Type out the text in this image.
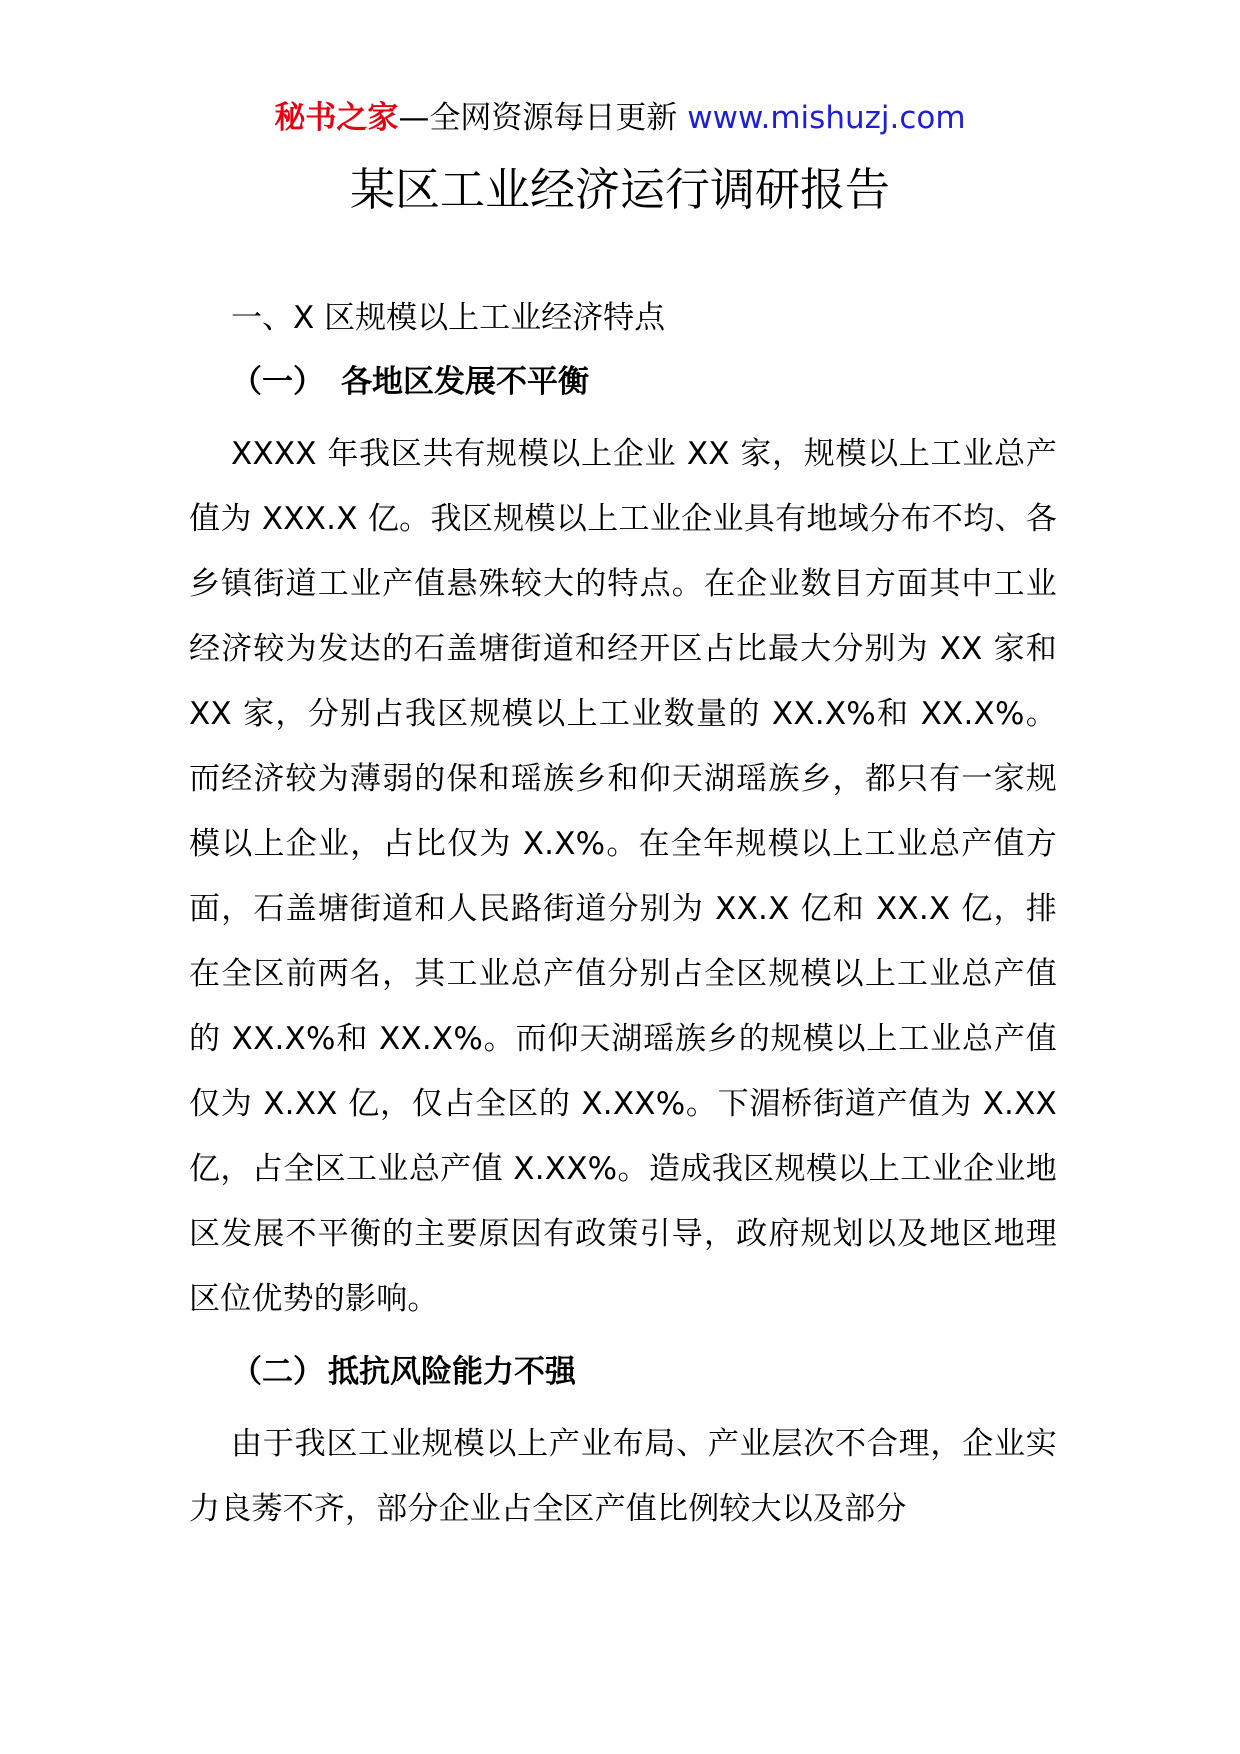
秘书之家—全网资源每日更新 www.mishuzj.com
某区工业经济运行调研报告
一、X 区规模以上工业经济特点
（一） 各地区发展不平衡

XXXX 年我区共有规模以上企业 XX 家，规模以上工业总产值为 XXX.X 亿。我区规模以上工业企业具有地域分布不均、各乡镇街道工业产值悬殊较大的特点。在企业数目方面其中工业经济较为发达的石盖塘街道和经开区占比最大分别为 XX 家和 XX 家，分别占我区规模以上工业数量的 XX.X%和 XX.X%。而经济较为薄弱的保和瑶族乡和仰天湖瑶族乡，都只有一家规模以上企业，占比仅为 X.X%。在全年规模以上工业总产值方面，石盖塘街道和人民路街道分别为 XX.X 亿和 XX.X 亿，排在全区前两名，其工业总产值分别占全区规模以上工业总产值的 XX.X%和 XX.X%。而仰天湖瑶族乡的规模以上工业总产值仅为 X.XX 亿，仅占全区的 X.XX%。下湄桥街道产值为 X.XX 亿，占全区工业总产值 X.XX%。造成我区规模以上工业企业地区发展不平衡的主要原因有政策引导，政府规划以及地区地理区位优势的影响。

（二） 抵抗风险能力不强

由于我区工业规模以上产业布局、产业层次不合理，企业实力良莠不齐，部分企业占全区产值比例较大以及部分
